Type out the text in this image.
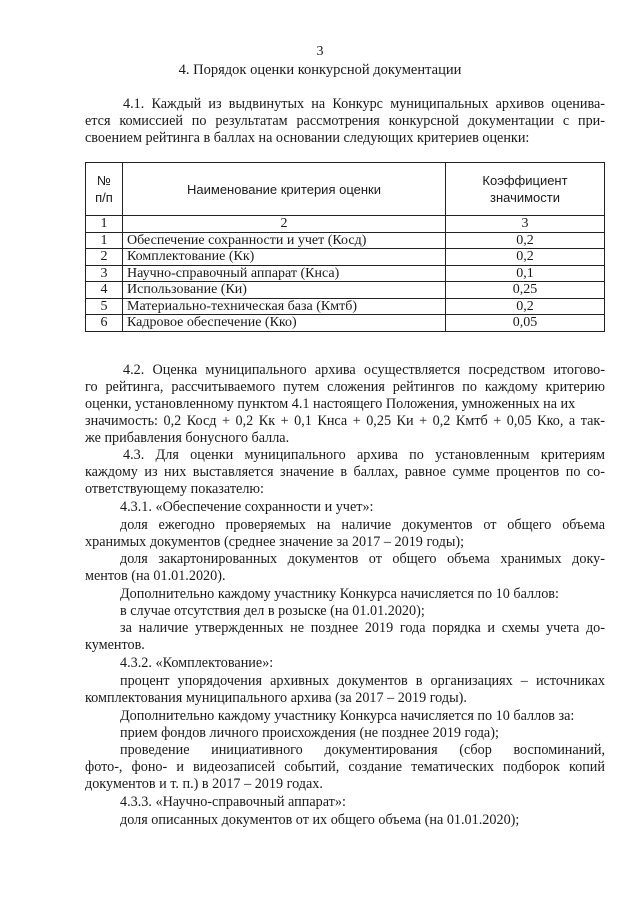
3
4. Порядок оценки конкурсной документации

4.1. Каждый из выдвинутых на Конкурс муниципальных архивов оценива-

ется комиссией по результатам рассмотрения конкурсной документации с при-

своением рейтинга в баллах на основании следующих критериев оценки:

№ п/п	Наименование критерия оценки	Коэффициент значимости
1	2	3
1	Обеспечение сохранности и учет (Косд)	0,2
2	Комплектование (Кк)	0,2
3	Научно-справочный аппарат (Кнса)	0,1
4	Использование (Ки)	0,25
5	Материально-техническая база (Кмтб)	0,2
6	Кадровое обеспечение (Кко)	0,05

4.2. Оценка муниципального архива осуществляется посредством итогово-

го рейтинга, рассчитываемого путем сложения рейтингов по каждому критерию

оценки, установленному пунктом 4.1 настоящего Положения, умноженных на их

значимость: 0,2 Косд + 0,2 Кк + 0,1 Кнса + 0,25 Ки + 0,2 Кмтб + 0,05 Кко, а так-

же прибавления бонусного балла.

4.3. Для оценки муниципального архива по установленным критериям

каждому из них выставляется значение в баллах, равное сумме процентов по со-

ответствующему показателю:

4.3.1. «Обеспечение сохранности и учет»:

доля ежегодно проверяемых на наличие документов от общего объема

хранимых документов (среднее значение за 2017 – 2019 годы);

доля закартонированных документов от общего объема хранимых доку-

ментов (на 01.01.2020).

Дополнительно каждому участнику Конкурса начисляется по 10 баллов:

в случае отсутствия дел в розыске (на 01.01.2020);

за наличие утвержденных не позднее 2019 года порядка и схемы учета до-

кументов.

4.3.2. «Комплектование»:

процент упорядочения архивных документов в организациях – источниках

комплектования муниципального архива (за 2017 – 2019 годы).

Дополнительно каждому участнику Конкурса начисляется по 10 баллов за:

прием фондов личного происхождения (не позднее 2019 года);

проведение инициативного документирования (сбор воспоминаний,

фото-, фоно- и видеозаписей событий, создание тематических подборок копий

документов и т. п.) в 2017 – 2019 годах.

4.3.3. «Научно-справочный аппарат»:

доля описанных документов от их общего объема (на 01.01.2020);
